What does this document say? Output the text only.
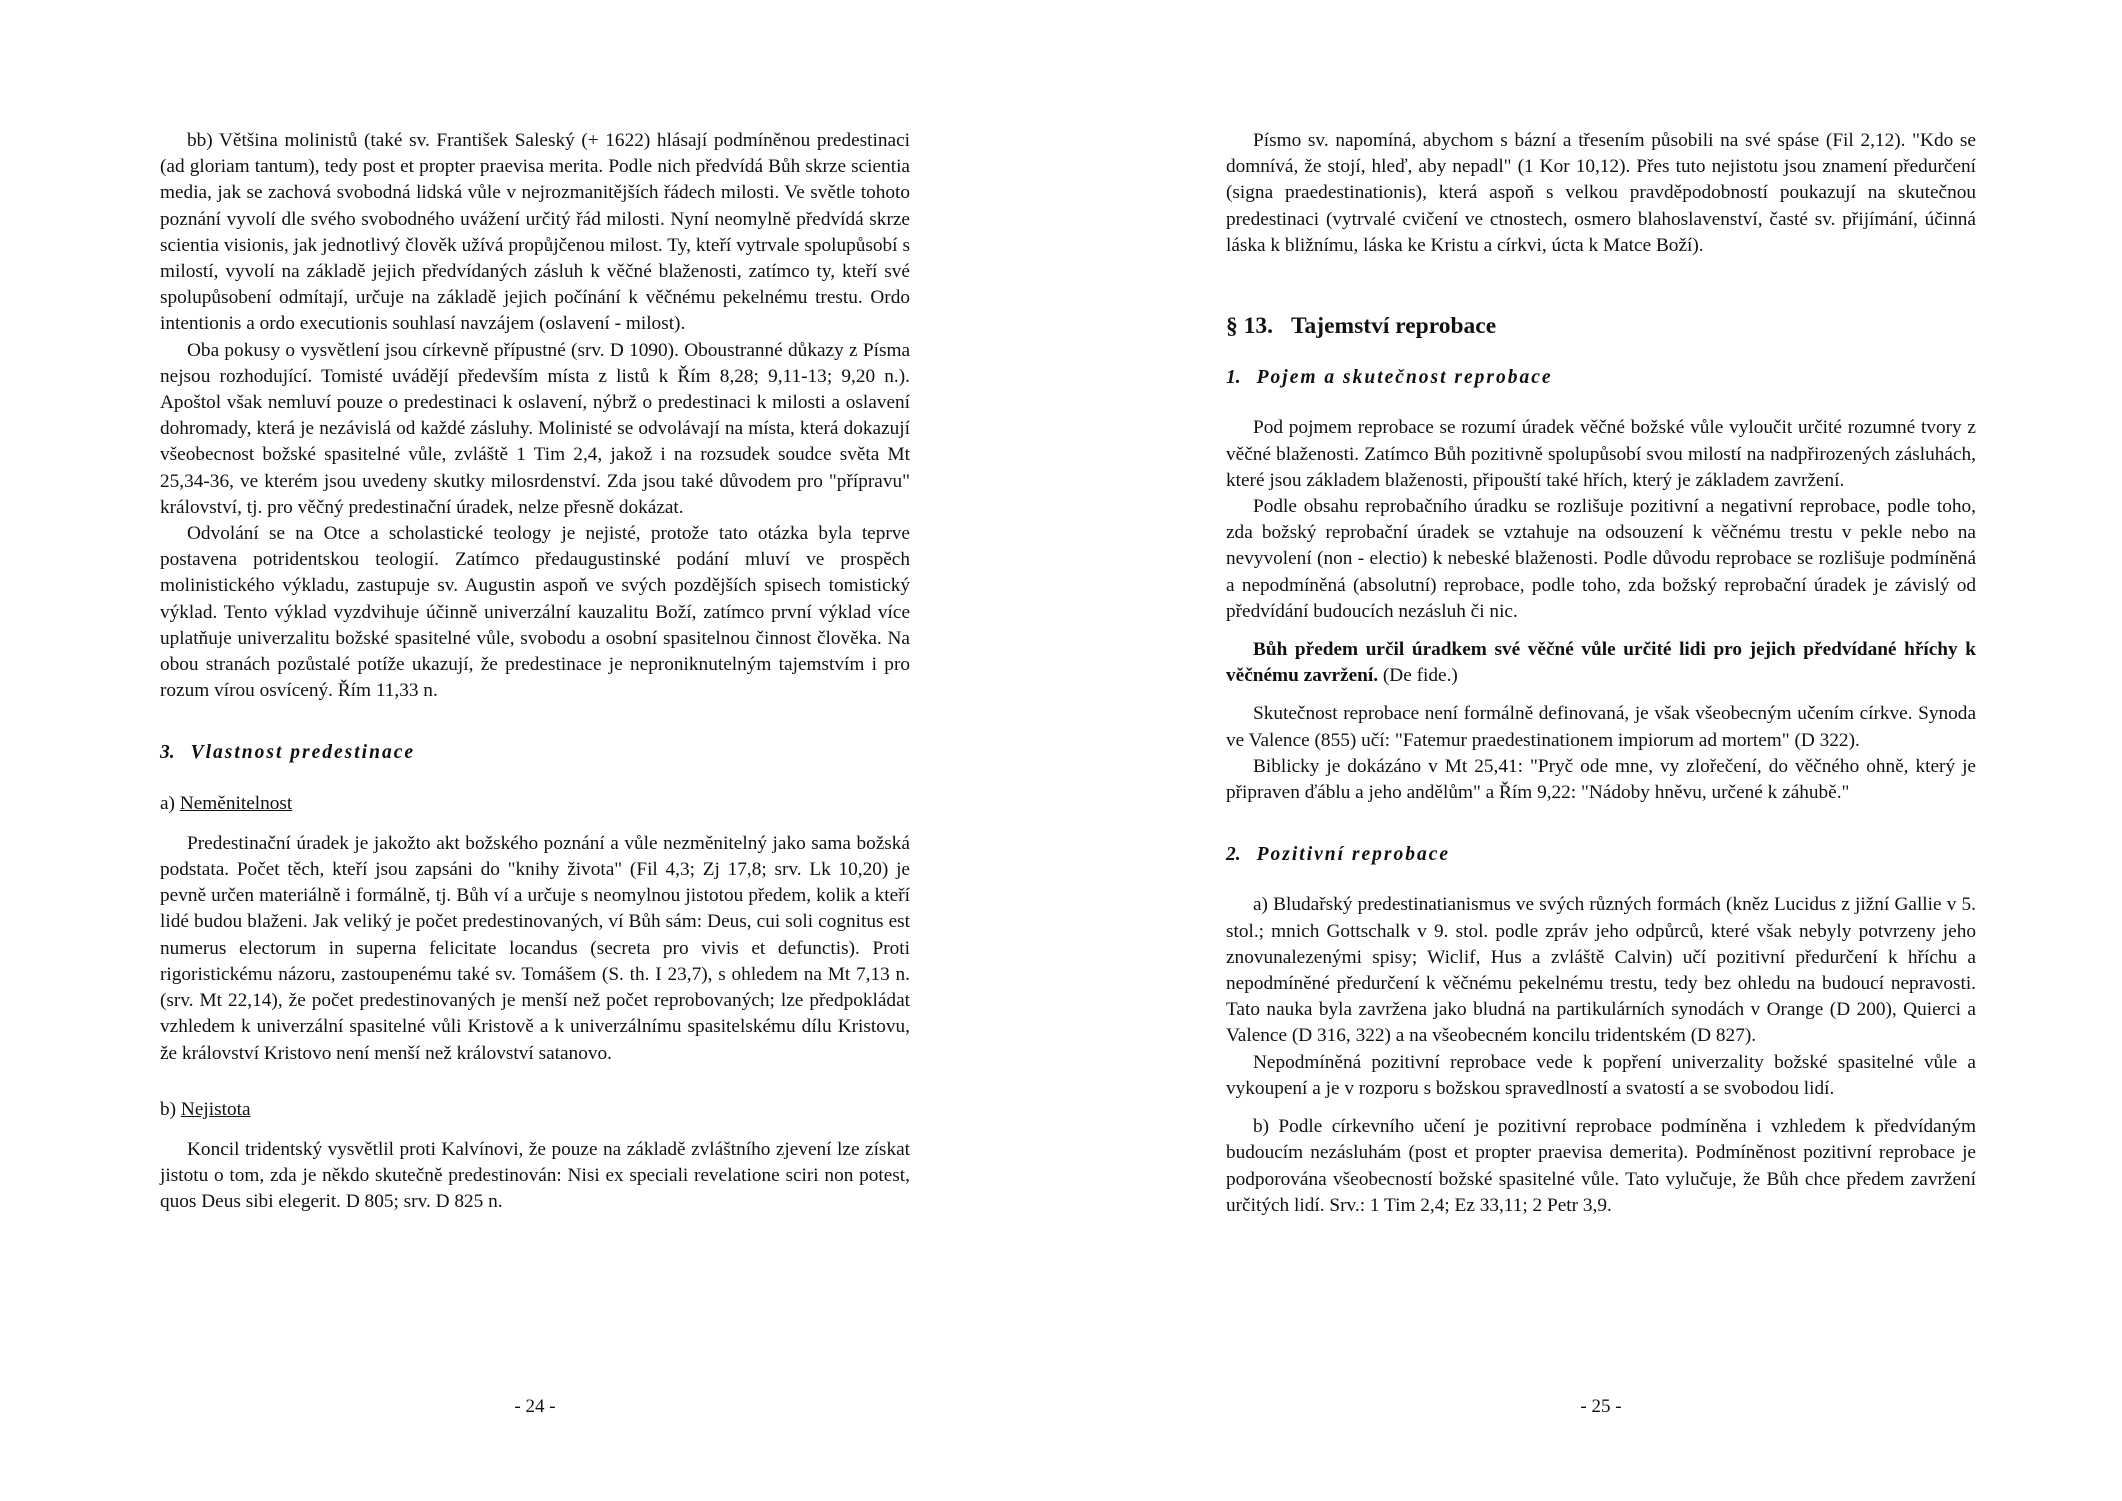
bb) Většina molinistů (také sv. František Saleský (+ 1622) hlásají podmíněnou predestinaci (ad gloriam tantum), tedy post et propter praevisa merita. Podle nich předvídá Bůh skrze scientia media, jak se zachová svobodná lidská vůle v nejrozmanitějších řádech milosti. Ve světle tohoto poznání vyvolí dle svého svobodného uvážení určitý řád milosti. Nyní neomylně předvídá skrze scientia visionis, jak jednotlivý člověk užívá propůjčenou milost. Ty, kteří vytrvale spolupůsobí s milostí, vyvolí na základě jejich předvídaných zásluh k věčné blaženosti, zatímco ty, kteří své spolupůsobení odmítají, určuje na základě jejich počínání k věčnému pekelnému trestu. Ordo intentionis a ordo executionis souhlasí navzájem (oslavení - milost).

Oba pokusy o vysvětlení jsou církevně přípustné (srv. D 1090). Oboustranné důkazy z Písma nejsou rozhodující. Tomisté uvádějí především místa z listů k Řím 8,28; 9,11-13; 9,20 n.). Apoštol však nemluví pouze o predestinaci k oslavení, nýbrž o predestinaci k milosti a oslavení dohromady, která je nezávislá od každé zásluhy. Molinisté se odvolávají na místa, která dokazují všeobecnost božské spasitelné vůle, zvláště 1 Tim 2,4, jakož i na rozsudek soudce světa Mt 25,34-36, ve kterém jsou uvedeny skutky milosrdenství. Zda jsou také důvodem pro "přípravu" království, tj. pro věčný predestinační úradek, nelze přesně dokázat.

Odvolání se na Otce a scholastické teology je nejisté, protože tato otázka byla teprve postavena potridentskou teologií. Zatímco předaugustinské podání mluví ve prospěch molinistického výkladu, zastupuje sv. Augustin aspoň ve svých pozdějších spisech tomistický výklad. Tento výklad vyzdvihuje účinně univerzální kauzalitu Boží, zatímco první výklad více uplatňuje univerzalitu božské spasitelné vůle, svobodu a osobní spasitelnou činnost člověka. Na obou stranách pozůstalé potíže ukazují, že predestinace je neproniknutelným tajemstvím i pro rozum vírou osvícený. Řím 11,33 n.

3. Vlastnost predestinace
a) Neměnitelnost

Predestinační úradek je jakožto akt božského poznání a vůle nezměnitelný jako sama božská podstata. Počet těch, kteří jsou zapsáni do "knihy života" (Fil 4,3; Zj 17,8; srv. Lk 10,20) je pevně určen materiálně i formálně, tj. Bůh ví a určuje s neomylnou jistotou předem, kolik a kteří lidé budou blaženi. Jak veliký je počet predestinovaných, ví Bůh sám: Deus, cui soli cognitus est numerus electorum in superna felicitate locandus (secreta pro vivis et defunctis). Proti rigoristickému názoru, zastoupenému také sv. Tomášem (S. th. I 23,7), s ohledem na Mt 7,13 n. (srv. Mt 22,14), že počet predestinovaných je menší než počet reprobovaných; lze předpokládat vzhledem k univerzální spasitelné vůli Kristově a k univerzálnímu spasitelskému dílu Kristovu, že království Kristovo není menší než království satanovo.

b) Nejistota

Koncil tridentský vysvětlil proti Kalvínovi, že pouze na základě zvláštního zjevení lze získat jistotu o tom, zda je někdo skutečně predestinován: Nisi ex speciali revelatione sciri non potest, quos Deus sibi elegerit. D 805; srv. D 825 n.

- 24 -

Písmo sv. napomíná, abychom s bázní a třesením působili na své spáse (Fil 2,12). "Kdo se domnívá, že stojí, hleď, aby nepadl" (1 Kor 10,12). Přes tuto nejistotu jsou znamení předurčení (signa praedestinationis), která aspoň s velkou pravděpodobností poukazují na skutečnou predestinaci (vytrvalé cvičení ve ctnostech, osmero blahoslavenství, časté sv. přijímání, účinná láska k bližnímu, láska ke Kristu a církvi, úcta k Matce Boží).

§ 13. Tajemství reprobace
1. Pojem a skutečnost reprobace

Pod pojmem reprobace se rozumí úradek věčné božské vůle vyloučit určité rozumné tvory z věčné blaženosti. Zatímco Bůh pozitivně spolupůsobí svou milostí na nadpřirozených zásluhách, které jsou základem blaženosti, připouští také hřích, který je základem zavržení.

Podle obsahu reprobačního úradku se rozlišuje pozitivní a negativní reprobace, podle toho, zda božský reprobační úradek se vztahuje na odsouzení k věčnému trestu v pekle nebo na nevyvolení (non - electio) k nebeské blaženosti. Podle důvodu reprobace se rozlišuje podmíněná a nepodmíněná (absolutní) reprobace, podle toho, zda božský reprobační úradek je závislý od předvídání budoucích nezásluh či nic.

Bůh předem určil úradkem své věčné vůle určité lidi pro jejich předvídané hříchy k věčnému zavržení. (De fide.)

Skutečnost reprobace není formálně definovaná, je však všeobecným učením církve. Synoda ve Valence (855) učí: "Fatemur praedestinationem impiorum ad mortem" (D 322).

Biblicky je dokázáno v Mt 25,41: "Pryč ode mne, vy zlořečení, do věčného ohně, který je připraven ďáblu a jeho andělům" a Řím 9,22: "Nádoby hněvu, určené k záhubě."

2. Pozitivní reprobace

a) Bludařský predestinatianismus ve svých různých formách (kněz Lucidus z jižní Gallie v 5. stol.; mnich Gottschalk v 9. stol. podle zpráv jeho odpůrců, které však nebyly potvrzeny jeho znovunalezenými spisy; Wiclif, Hus a zvláště Calvin) učí pozitivní předurčení k hříchu a nepodmíněné předurčení k věčnému pekelnému trestu, tedy bez ohledu na budoucí nepravosti. Tato nauka byla zavržena jako bludná na partikulárních synodách v Orange (D 200), Quierci a Valence (D 316, 322) a na všeobecném koncilu tridentském (D 827).

Nepodmíněná pozitivní reprobace vede k popření univerzality božské spasitelné vůle a vykoupení a je v rozporu s božskou spravedlností a svatostí a se svobodou lidí.

b) Podle církevního učení je pozitivní reprobace podmíněna i vzhledem k předvídaným budoucím nezásluhám (post et propter praevisa demerita). Podmíněnost pozitivní reprobace je podporována všeobecností božské spasitelné vůle. Tato vylučuje, že Bůh chce předem zavržení určitých lidí. Srv.: 1 Tim 2,4; Ez 33,11; 2 Petr 3,9.

- 25 -
